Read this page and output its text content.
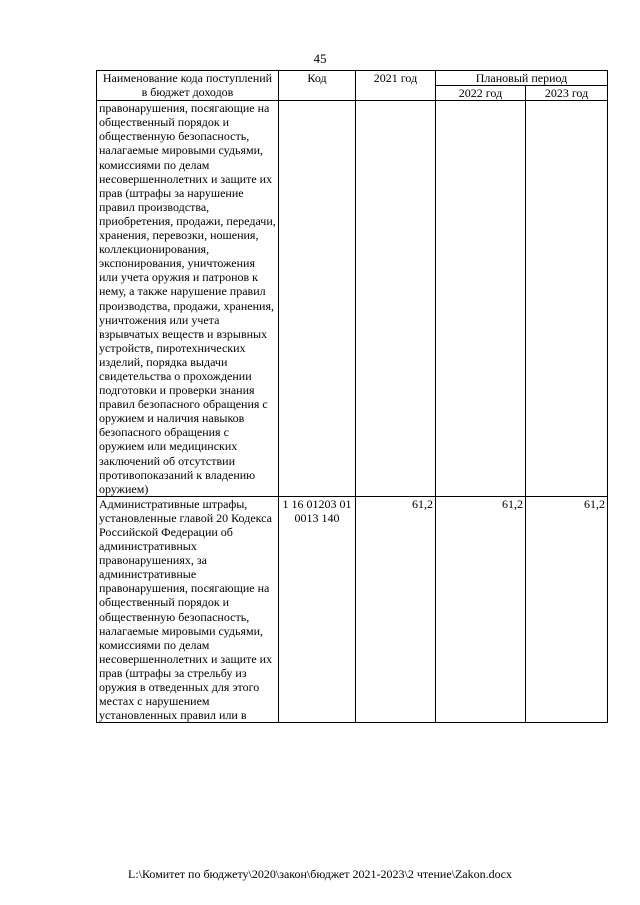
45
Наименование кода поступлений в бюджет доходов	Код	2021 год	Плановый период	
			2022 год	2023 год
правонарушения, посягающие на общественный порядок и общественную безопасность, налагаемые мировыми судьями, комиссиями по делам несовершеннолетних и защите их прав (штрафы за нарушение правил производства, приобретения, продажи, передачи, хранения, перевозки, ношения, коллекционирования, экспонирования, уничтожения или учета оружия и патронов к нему, а также нарушение правил производства, продажи, хранения, уничтожения или учета взрывчатых веществ и взрывных устройств, пиротехнических изделий, порядка выдачи свидетельства о прохождении подготовки и проверки знания правил безопасного обращения с оружием и наличия навыков безопасного обращения с оружием или медицинских заключений об отсутствии противопоказаний к владению оружием)				
Административные штрафы, установленные главой 20 Кодекса Российской Федерации об административных правонарушениях, за административные правонарушения, посягающие на общественный порядок и общественную безопасность, налагаемые мировыми судьями, комиссиями по делам несовершеннолетних и защите их прав (штрафы за стрельбу из оружия в отведенных для этого местах с нарушением установленных правил или в	1 16 01203 01 0013 140	61,2	61,2	61,2
L:\Комитет по бюджету\2020\закон\бюджет 2021-2023\2 чтение\Zakon.docx
